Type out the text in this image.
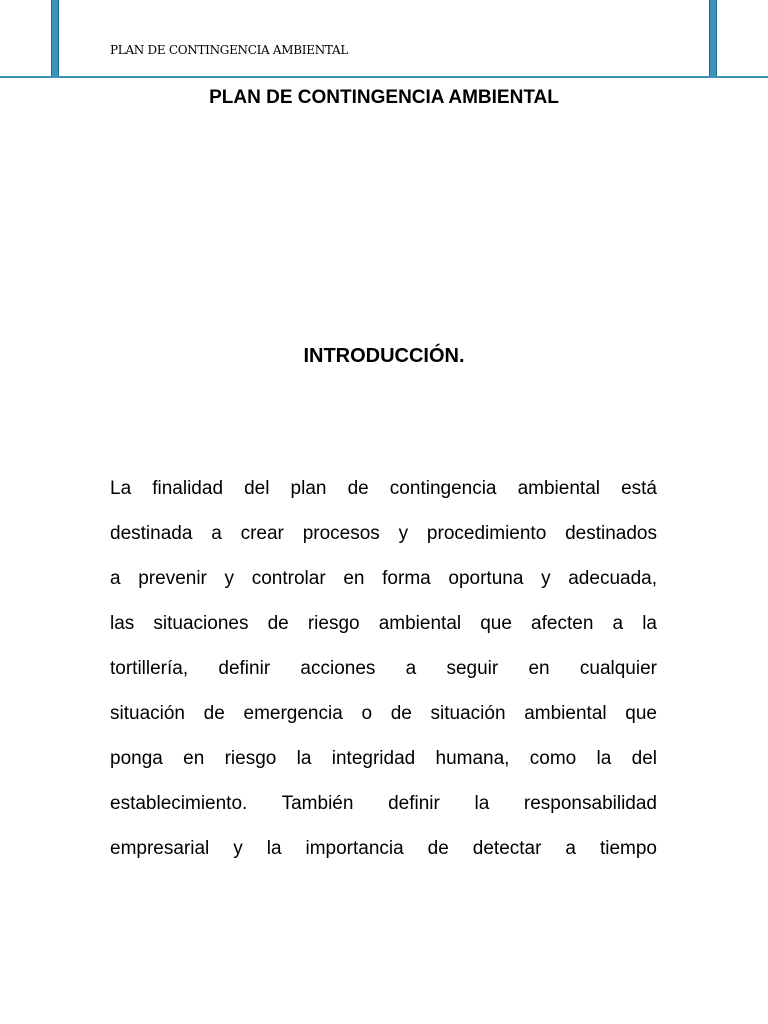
PLAN DE CONTINGENCIA AMBIENTAL
PLAN DE CONTINGENCIA AMBIENTAL
INTRODUCCIÓN.
La finalidad del plan de contingencia ambiental está
destinada a crear procesos y procedimiento destinados
a prevenir y controlar en forma oportuna y adecuada,
las situaciones de riesgo ambiental que afecten a la
tortillería, definir acciones a seguir en cualquier
situación de emergencia o de situación ambiental que
ponga en riesgo la integridad humana, como la del
establecimiento. También definir la responsabilidad
empresarial y la importancia de detectar a tiempo
